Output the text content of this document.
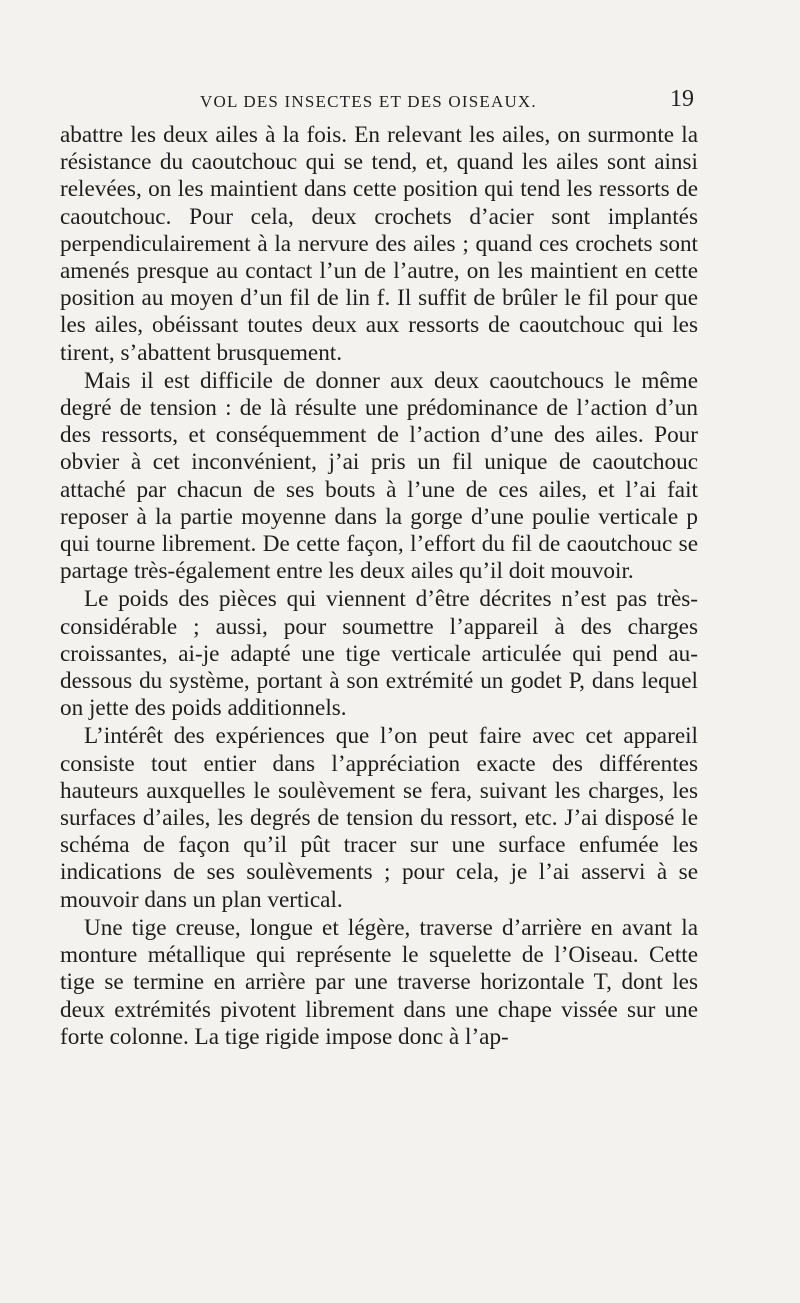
VOL DES INSECTES ET DES OISEAUX.	19

abattre les deux ailes à la fois. En relevant les ailes, on surmonte la résistance du caoutchouc qui se tend, et, quand les ailes sont ainsi relevées, on les maintient dans cette position qui tend les ressorts de caoutchouc. Pour cela, deux crochets d’acier sont implantés perpendiculairement à la nervure des ailes ; quand ces crochets sont amenés presque au contact l’un de l’autre, on les maintient en cette position au moyen d’un fil de lin f. Il suffit de brûler le fil pour que les ailes, obéissant toutes deux aux ressorts de caoutchouc qui les tirent, s’abattent brusquement.

Mais il est difficile de donner aux deux caoutchoucs le même degré de tension : de là résulte une prédominance de l’action d’un des ressorts, et conséquemment de l’action d’une des ailes. Pour obvier à cet inconvénient, j’ai pris un fil unique de caoutchouc attaché par chacun de ses bouts à l’une de ces ailes, et l’ai fait reposer à la partie moyenne dans la gorge d’une poulie verticale p qui tourne librement. De cette façon, l’effort du fil de caoutchouc se partage très-également entre les deux ailes qu’il doit mouvoir.

Le poids des pièces qui viennent d’être décrites n’est pas très-considérable ; aussi, pour soumettre l’appareil à des charges croissantes, ai-je adapté une tige verticale articulée qui pend au-dessous du système, portant à son extrémité un godet P, dans lequel on jette des poids additionnels.

L’intérêt des expériences que l’on peut faire avec cet appareil consiste tout entier dans l’appréciation exacte des différentes hauteurs auxquelles le soulèvement se fera, suivant les charges, les surfaces d’ailes, les degrés de tension du ressort, etc. J’ai disposé le schéma de façon qu’il pût tracer sur une surface enfumée les indications de ses soulèvements ; pour cela, je l’ai asservi à se mouvoir dans un plan vertical.

Une tige creuse, longue et légère, traverse d’arrière en avant la monture métallique qui représente le squelette de l’Oiseau. Cette tige se termine en arrière par une traverse horizontale T, dont les deux extrémités pivotent librement dans une chape vissée sur une forte colonne. La tige rigide impose donc à l’ap-
